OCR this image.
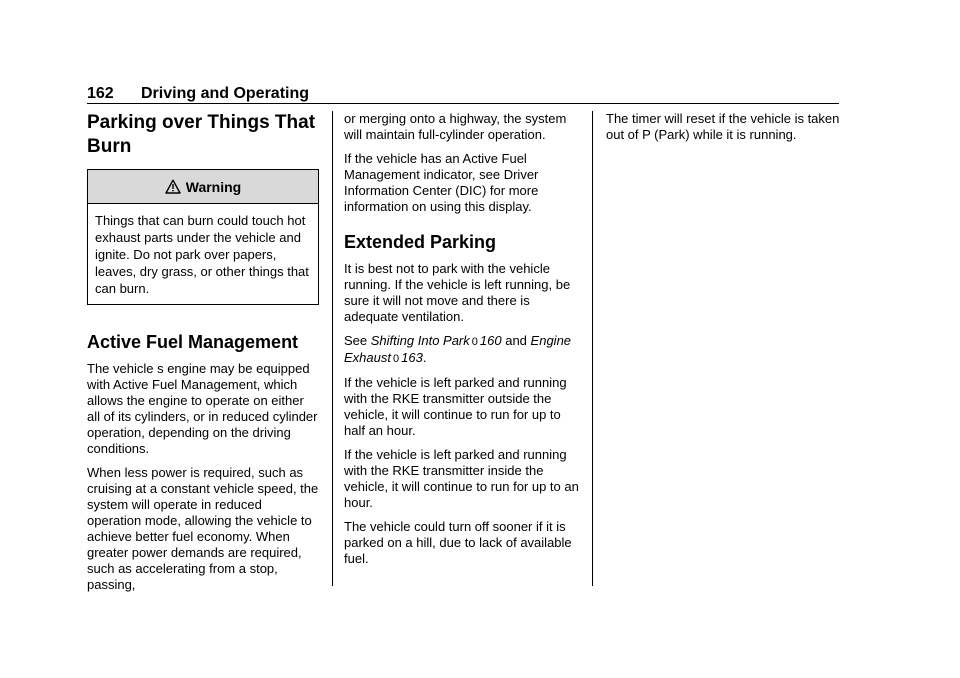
162 Driving and Operating
Parking over Things That Burn
Warning
Things that can burn could touch hot exhaust parts under the vehicle and ignite. Do not park over papers, leaves, dry grass, or other things that can burn.
Active Fuel Management

The vehicle s engine may be equipped with Active Fuel Management, which allows the engine to operate on either all of its cylinders, or in reduced cylinder operation, depending on the driving conditions.

When less power is required, such as cruising at a constant vehicle speed, the system will operate in reduced operation mode, allowing the vehicle to achieve better fuel economy. When greater power demands are required, such as accelerating from a stop, passing,

or merging onto a highway, the system will maintain full-cylinder operation.

If the vehicle has an Active Fuel Management indicator, see Driver Information Center (DIC) for more information on using this display.

Extended Parking

It is best not to park with the vehicle running. If the vehicle is left running, be sure it will not move and there is adequate ventilation.

See Shifting Into Park 0 160 and Engine Exhaust 0 163.

If the vehicle is left parked and running with the RKE transmitter outside the vehicle, it will continue to run for up to half an hour.

If the vehicle is left parked and running with the RKE transmitter inside the vehicle, it will continue to run for up to an hour.

The vehicle could turn off sooner if it is parked on a hill, due to lack of available fuel.

The timer will reset if the vehicle is taken out of P (Park) while it is running.
